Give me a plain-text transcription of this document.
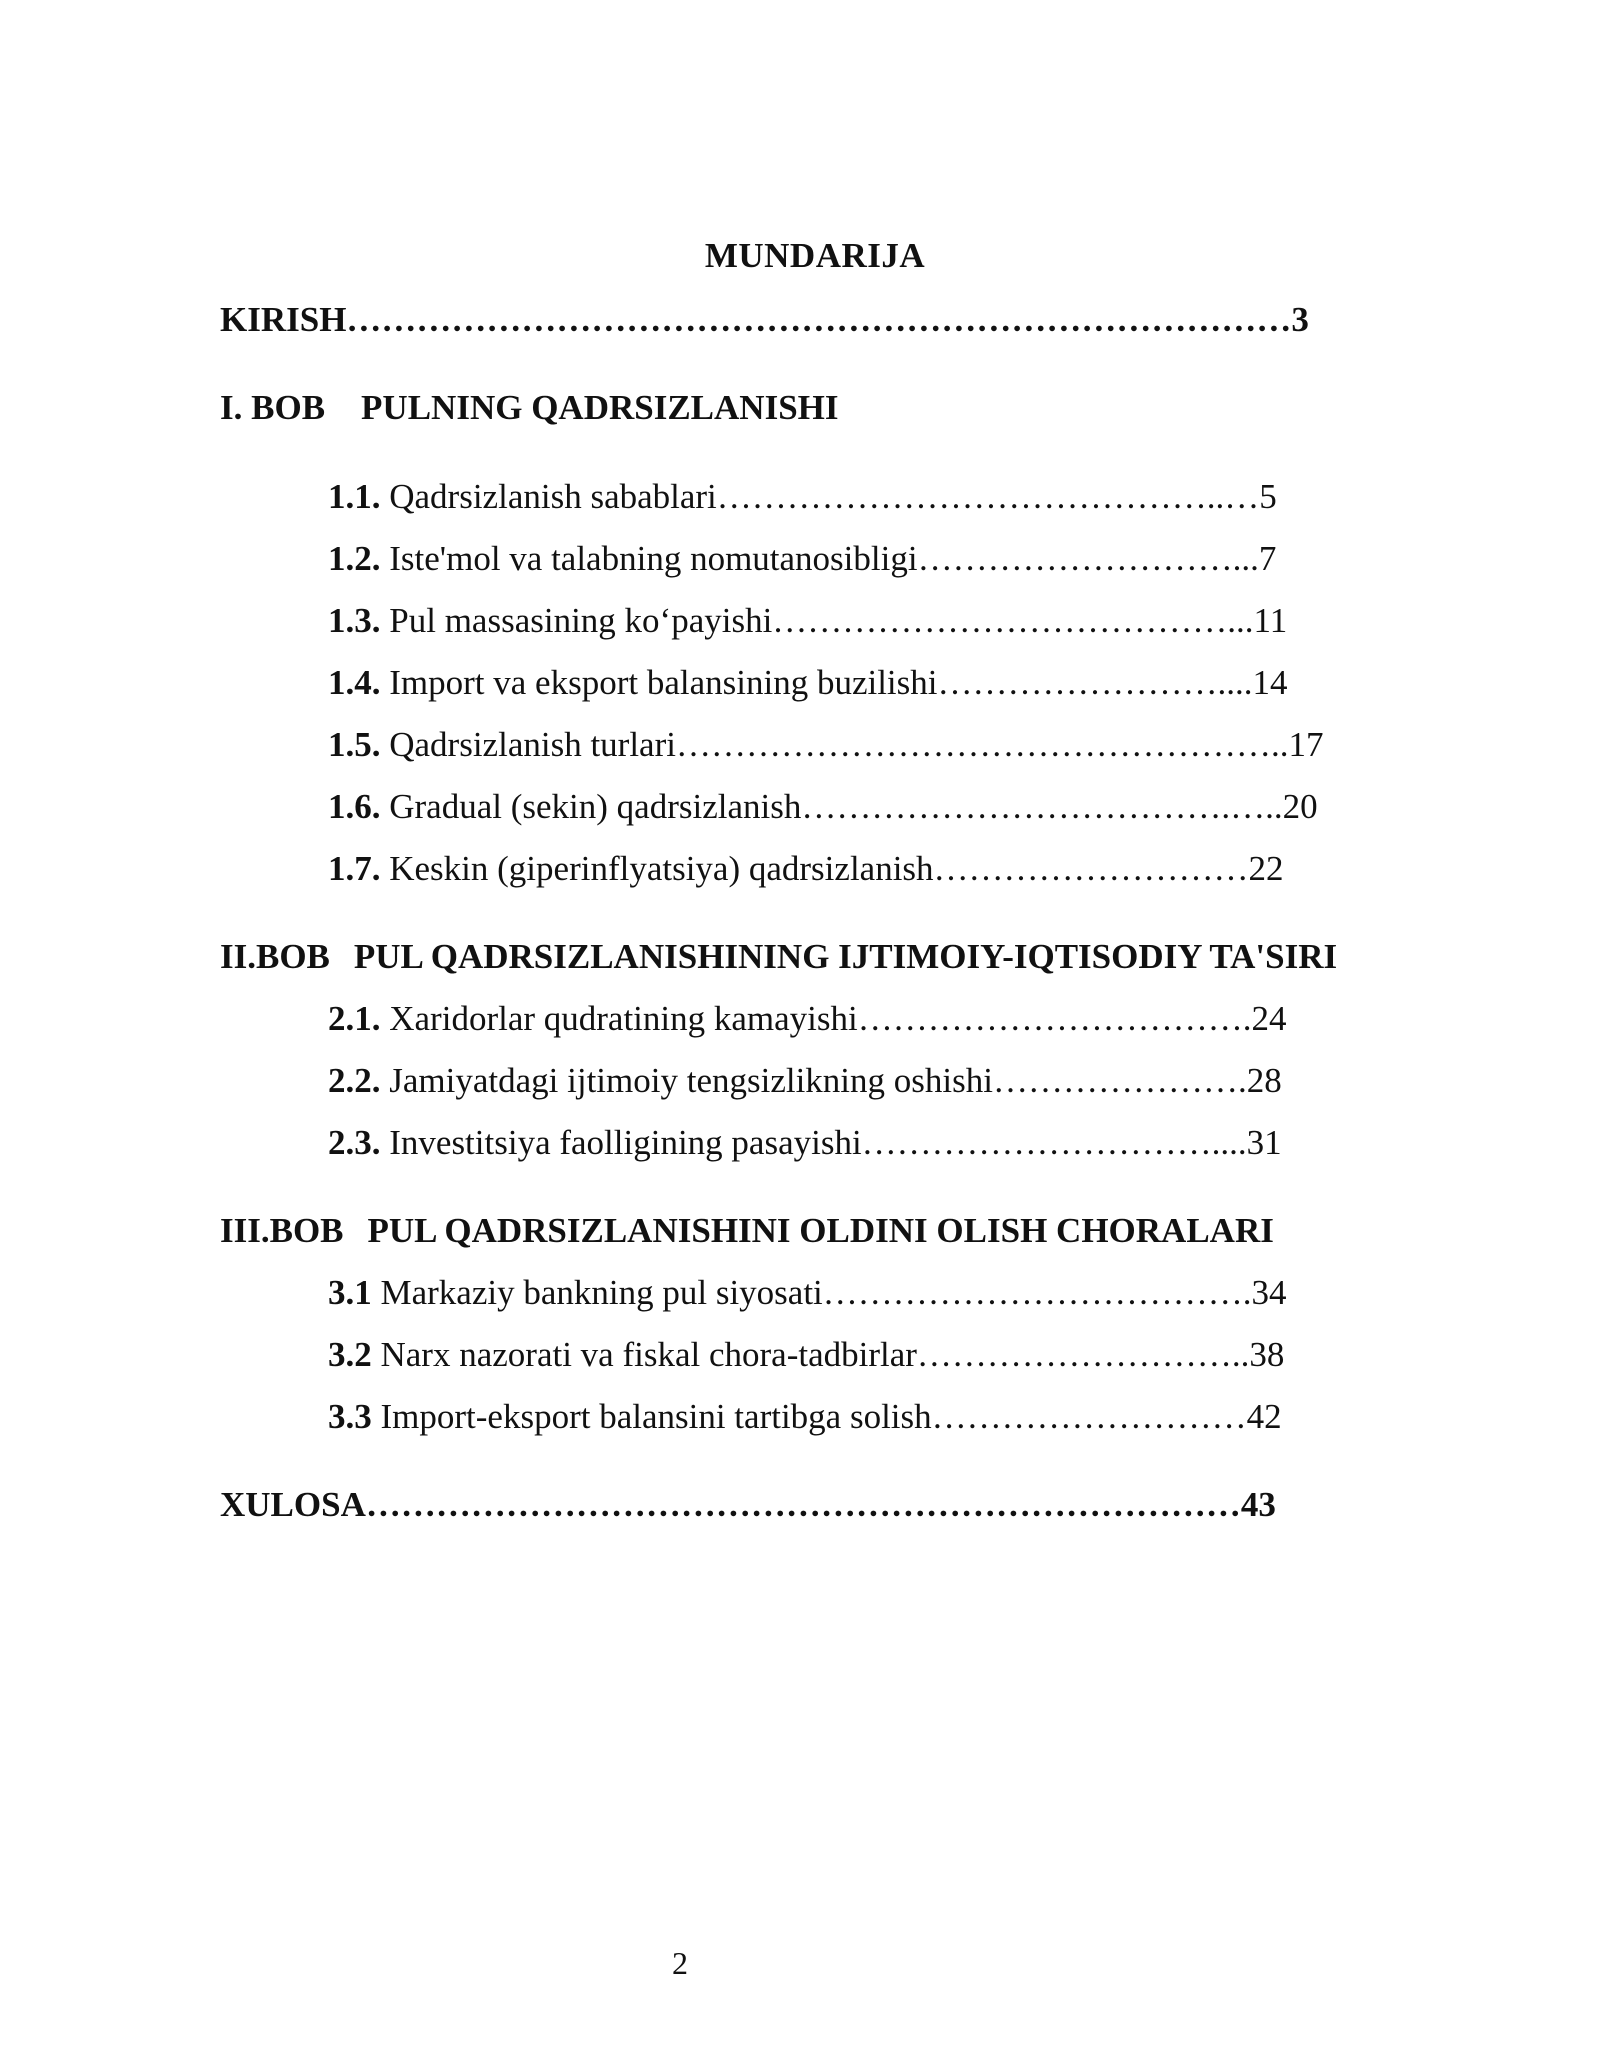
MUNDARIJA
KIRISH………………………………………………………………………3
I. BOB PULNING QADRSIZLANISHI
1.1. Qadrsizlanish sabablari……………………………………..…5
1.2. Iste'mol va talabning nomutanosibligi………………………...7
1.3. Pul massasining ko‘payishi…………………………………...11
1.4. Import va eksport balansining buzilishi……………………....14
1.5. Qadrsizlanish turlari……………………………………………..17
1.6. Gradual (sekin) qadrsizlanish……………………………….…..20
1.7. Keskin (giperinflyatsiya) qadrsizlanish………………………22
II.BOB PUL QADRSIZLANISHINING IJTIMOIY-IQTISODIY TA'SIRI
2.1. Xaridorlar qudratining kamayishi…………………………….24
2.2. Jamiyatdagi ijtimoiy tengsizlikning oshishi………………….28
2.3. Investitsiya faolligining pasayishi…………………………....31
III.BOB PUL QADRSIZLANISHINI OLDINI OLISH CHORALARI
3.1 Markaziy bankning pul siyosati……………………………….34
3.2 Narx nazorati va fiskal chora-tadbirlar………………………..38
3.3 Import-eksport balansini tartibga solish………………………42
XULOSA…………………………………………………………………43
2
